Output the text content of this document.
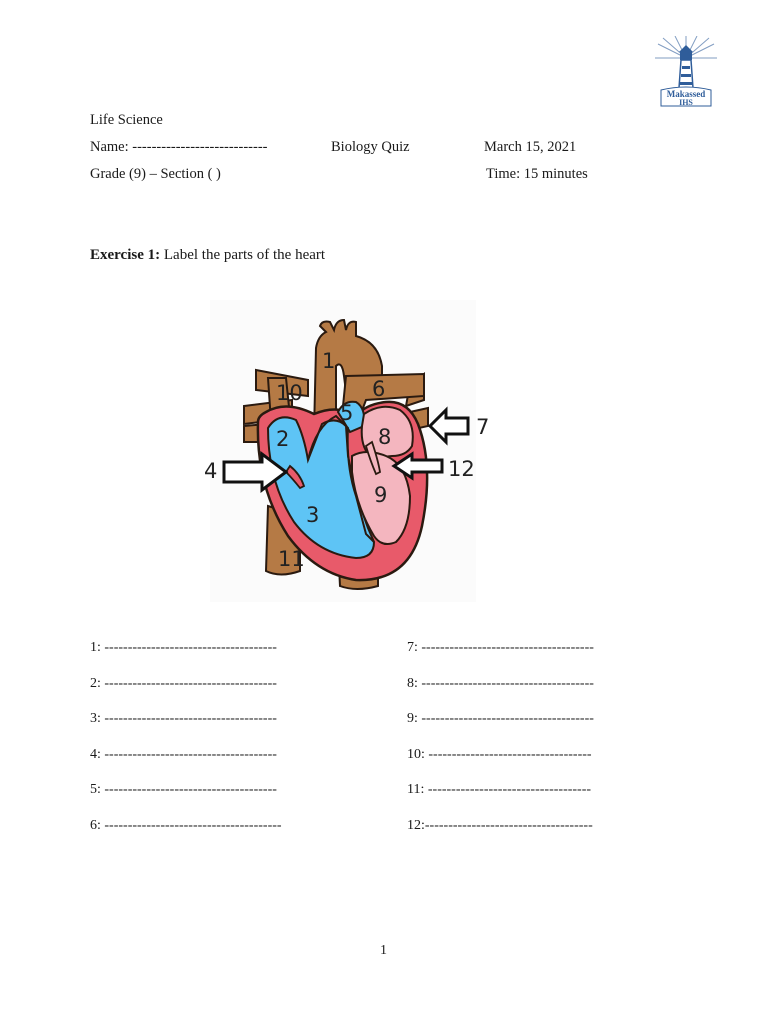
Makassed
IHS
Life Science
Name: ----------------------------	Biology Quiz	March 15, 2021
Grade (9) – Section ( )	Time: 15 minutes
Exercise 1: Label the parts of the heart
1
2
3
4
5
6
7
8
9
10
11
12
1: -------------------------------------
2: -------------------------------------
3: -------------------------------------
4: -------------------------------------
5: -------------------------------------
6: --------------------------------------
7: -------------------------------------
8: -------------------------------------
9: -------------------------------------
10: -----------------------------------
11: -----------------------------------
12:------------------------------------
1
